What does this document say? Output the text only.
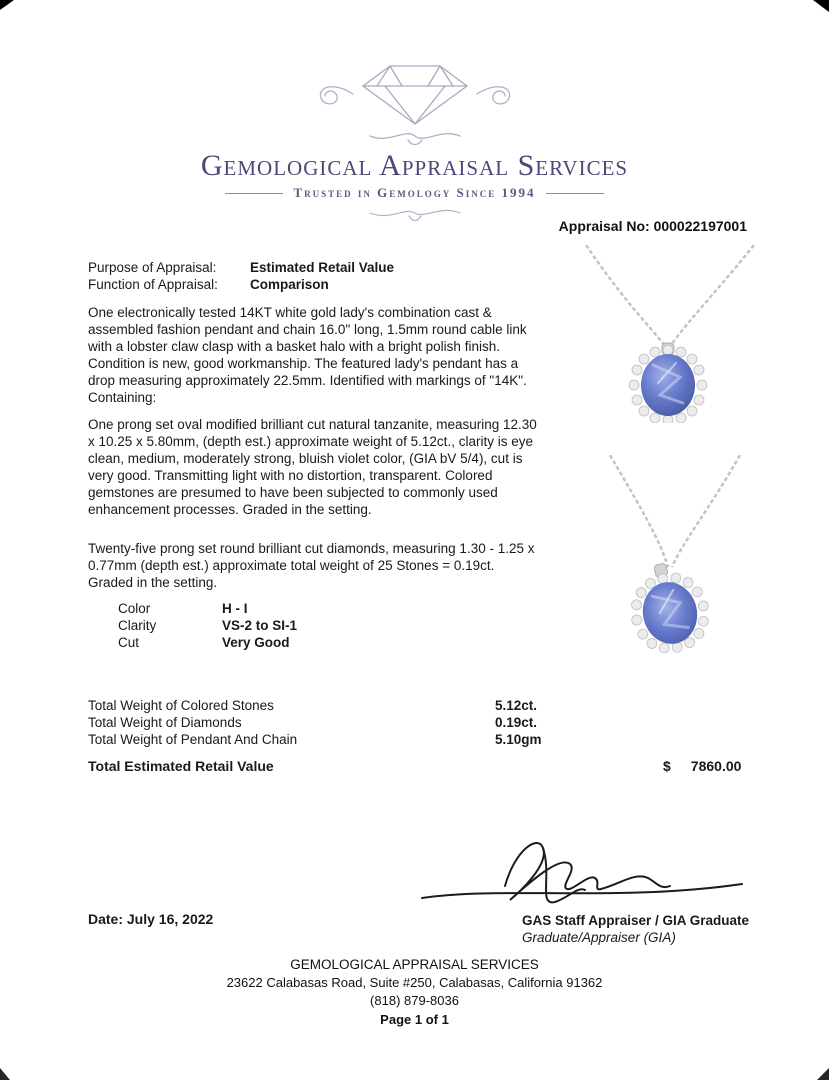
Gemological Appraisal Services
Trusted in Gemology Since 1994
Appraisal No: 000022197001
Purpose of Appraisal:	Estimated Retail Value
Function of Appraisal:	Comparison
One electronically tested 14KT white gold lady's combination cast & assembled fashion pendant and chain 16.0" long, 1.5mm round cable link with a lobster claw clasp with a basket halo with a bright polish finish. Condition is new, good workmanship. The featured lady's pendant has a drop measuring approximately 22.5mm. Identified with markings of "14K". Containing:
One prong set oval modified brilliant cut natural tanzanite, measuring 12.30 x 10.25 x 5.80mm, (depth est.) approximate weight of 5.12ct., clarity is eye clean, medium, moderately strong, bluish violet color, (GIA bV 5/4), cut is very good. Transmitting light with no distortion, transparent. Colored gemstones are presumed to have been subjected to commonly used enhancement processes. Graded in the setting.
Twenty-five prong set round brilliant cut diamonds, measuring 1.30 - 1.25 x 0.77mm (depth est.) approximate total weight of 25 Stones = 0.19ct. Graded in the setting.
Color	H - I
Clarity	VS-2 to SI-1
Cut	Very Good
Total Weight of Colored Stones	5.12ct.
Total Weight of Diamonds	0.19ct.
Total Weight of Pendant And Chain	5.10gm
Total Estimated Retail Value	$ 7860.00
Date: July 16, 2022	GAS Staff Appraiser / GIA Graduate
Graduate/Appraiser (GIA)
GEMOLOGICAL APPRAISAL SERVICES
23622 Calabasas Road, Suite #250, Calabasas, California 91362
(818) 879-8036
Page 1 of 1
